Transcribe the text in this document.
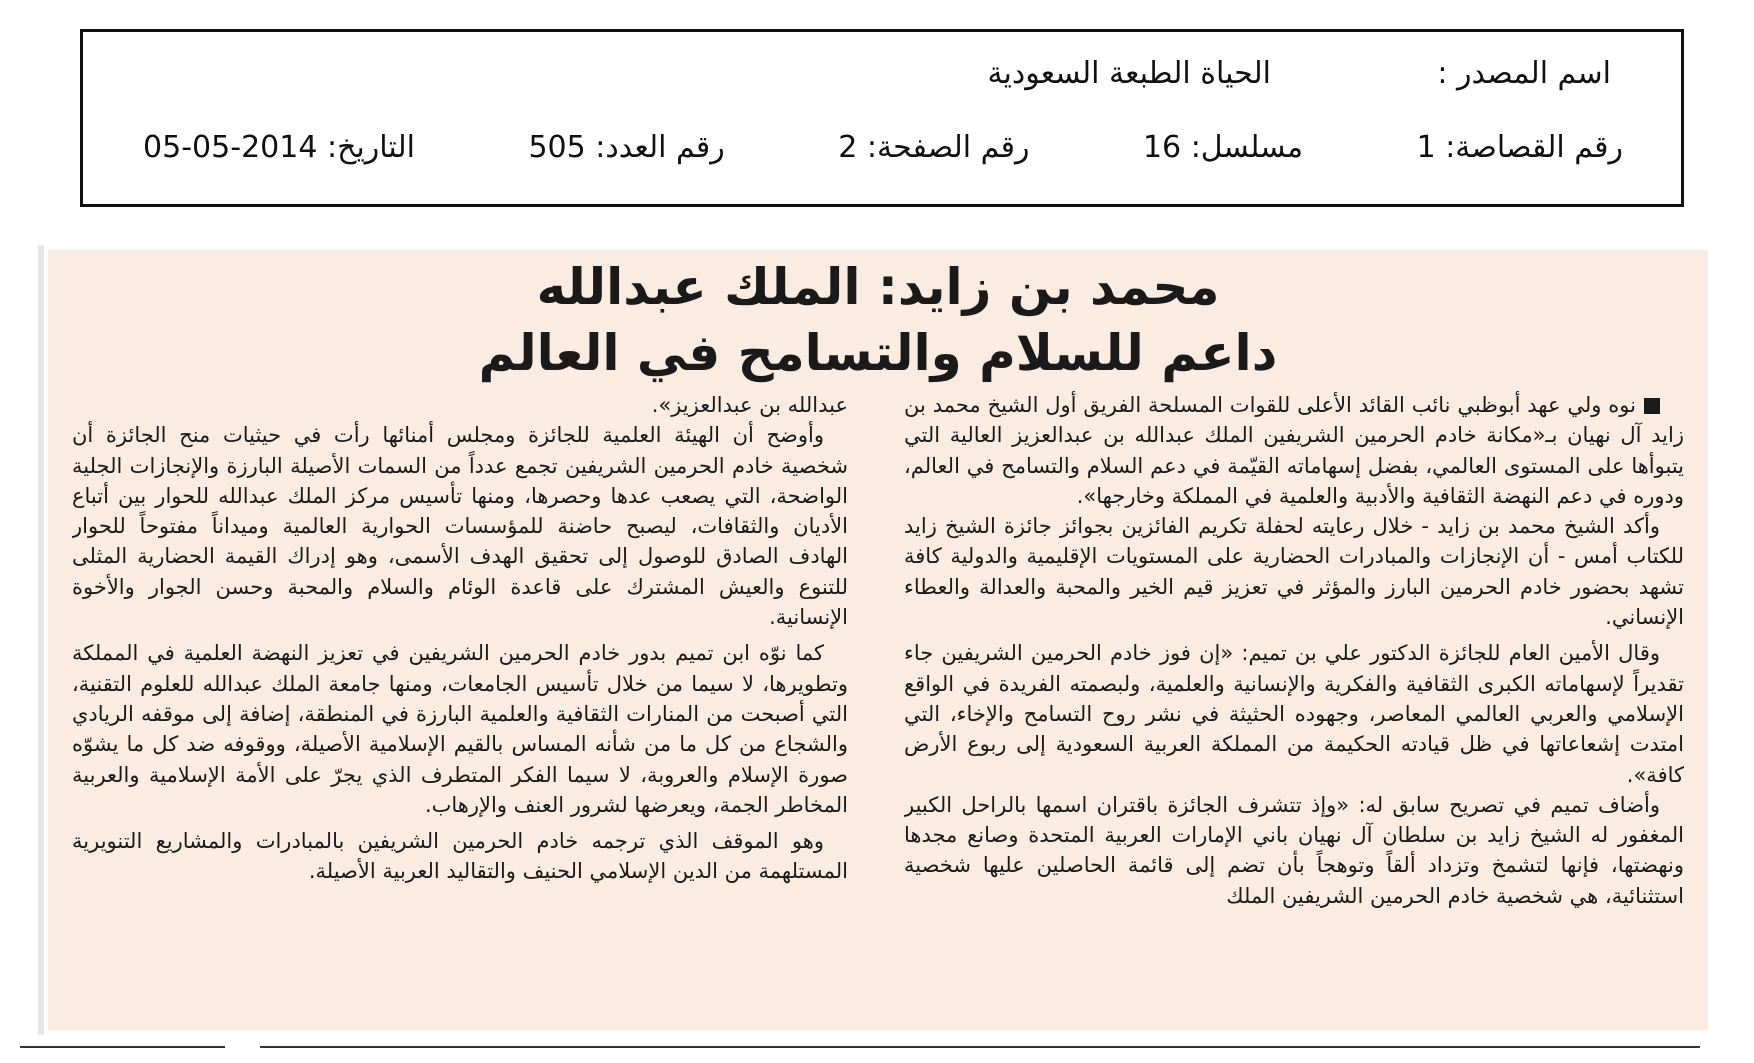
اسم المصدر :
الحياة الطبعة السعودية
التاريخ: 2014-05-05	رقم العدد: 505	رقم الصفحة: 2	مسلسل: 16	رقم القصاصة: 1
محمد بن زايد: الملك عبدالله
داعم للسلام والتسامح في العالم

نوه ولي عهد أبوظبي نائب القائد الأعلى للقوات المسلحة الفريق أول الشيخ محمد بن زايد آل نهيان بـ«مكانة خادم الحرمين الشريفين الملك عبدالله بن عبدالعزيز العالية التي يتبوأها على المستوى العالمي، بفضل إسهاماته القيّمة في دعم السلام والتسامح في العالم، ودوره في دعم النهضة الثقافية والأدبية والعلمية في المملكة وخارجها».

وأكد الشيخ محمد بن زايد - خلال رعايته لحفلة تكريم الفائزين بجوائز جائزة الشيخ زايد للكتاب أمس - أن الإنجازات والمبادرات الحضارية على المستويات الإقليمية والدولية كافة تشهد بحضور خادم الحرمين البارز والمؤثر في تعزيز قيم الخير والمحبة والعدالة والعطاء الإنساني.

وقال الأمين العام للجائزة الدكتور علي بن تميم: «إن فوز خادم الحرمين الشريفين جاء تقديراً لإسهاماته الكبرى الثقافية والفكرية والإنسانية والعلمية، ولبصمته الفريدة في الواقع الإسلامي والعربي العالمي المعاصر، وجهوده الحثيثة في نشر روح التسامح والإخاء، التي امتدت إشعاعاتها في ظل قيادته الحكيمة من المملكة العربية السعودية إلى ربوع الأرض كافة».

وأضاف تميم في تصريح سابق له: «وإذ تتشرف الجائزة باقتران اسمها بالراحل الكبير المغفور له الشيخ زايد بن سلطان آل نهيان باني الإمارات العربية المتحدة وصانع مجدها ونهضتها، فإنها لتشمخ وتزداد ألقاً وتوهجاً بأن تضم إلى قائمة الحاصلين عليها شخصية استثنائية، هي شخصية خادم الحرمين الشريفين الملك

عبدالله بن عبدالعزيز».

وأوضح أن الهيئة العلمية للجائزة ومجلس أمنائها رأت في حيثيات منح الجائزة أن شخصية خادم الحرمين الشريفين تجمع عدداً من السمات الأصيلة البارزة والإنجازات الجلية الواضحة، التي يصعب عدها وحصرها، ومنها تأسيس مركز الملك عبدالله للحوار بين أتباع الأديان والثقافات، ليصبح حاضنة للمؤسسات الحوارية العالمية وميداناً مفتوحاً للحوار الهادف الصادق للوصول إلى تحقيق الهدف الأسمى، وهو إدراك القيمة الحضارية المثلى للتنوع والعيش المشترك على قاعدة الوئام والسلام والمحبة وحسن الجوار والأخوة الإنسانية.

كما نوّه ابن تميم بدور خادم الحرمين الشريفين في تعزيز النهضة العلمية في المملكة وتطويرها، لا سيما من خلال تأسيس الجامعات، ومنها جامعة الملك عبدالله للعلوم التقنية، التي أصبحت من المنارات الثقافية والعلمية البارزة في المنطقة، إضافة إلى موقفه الريادي والشجاع من كل ما من شأنه المساس بالقيم الإسلامية الأصيلة، ووقوفه ضد كل ما يشوّه صورة الإسلام والعروبة، لا سيما الفكر المتطرف الذي يجرّ على الأمة الإسلامية والعربية المخاطر الجمة، ويعرضها لشرور العنف والإرهاب.

وهو الموقف الذي ترجمه خادم الحرمين الشريفين بالمبادرات والمشاريع التنويرية المستلهمة من الدين الإسلامي الحنيف والتقاليد العربية الأصيلة.
